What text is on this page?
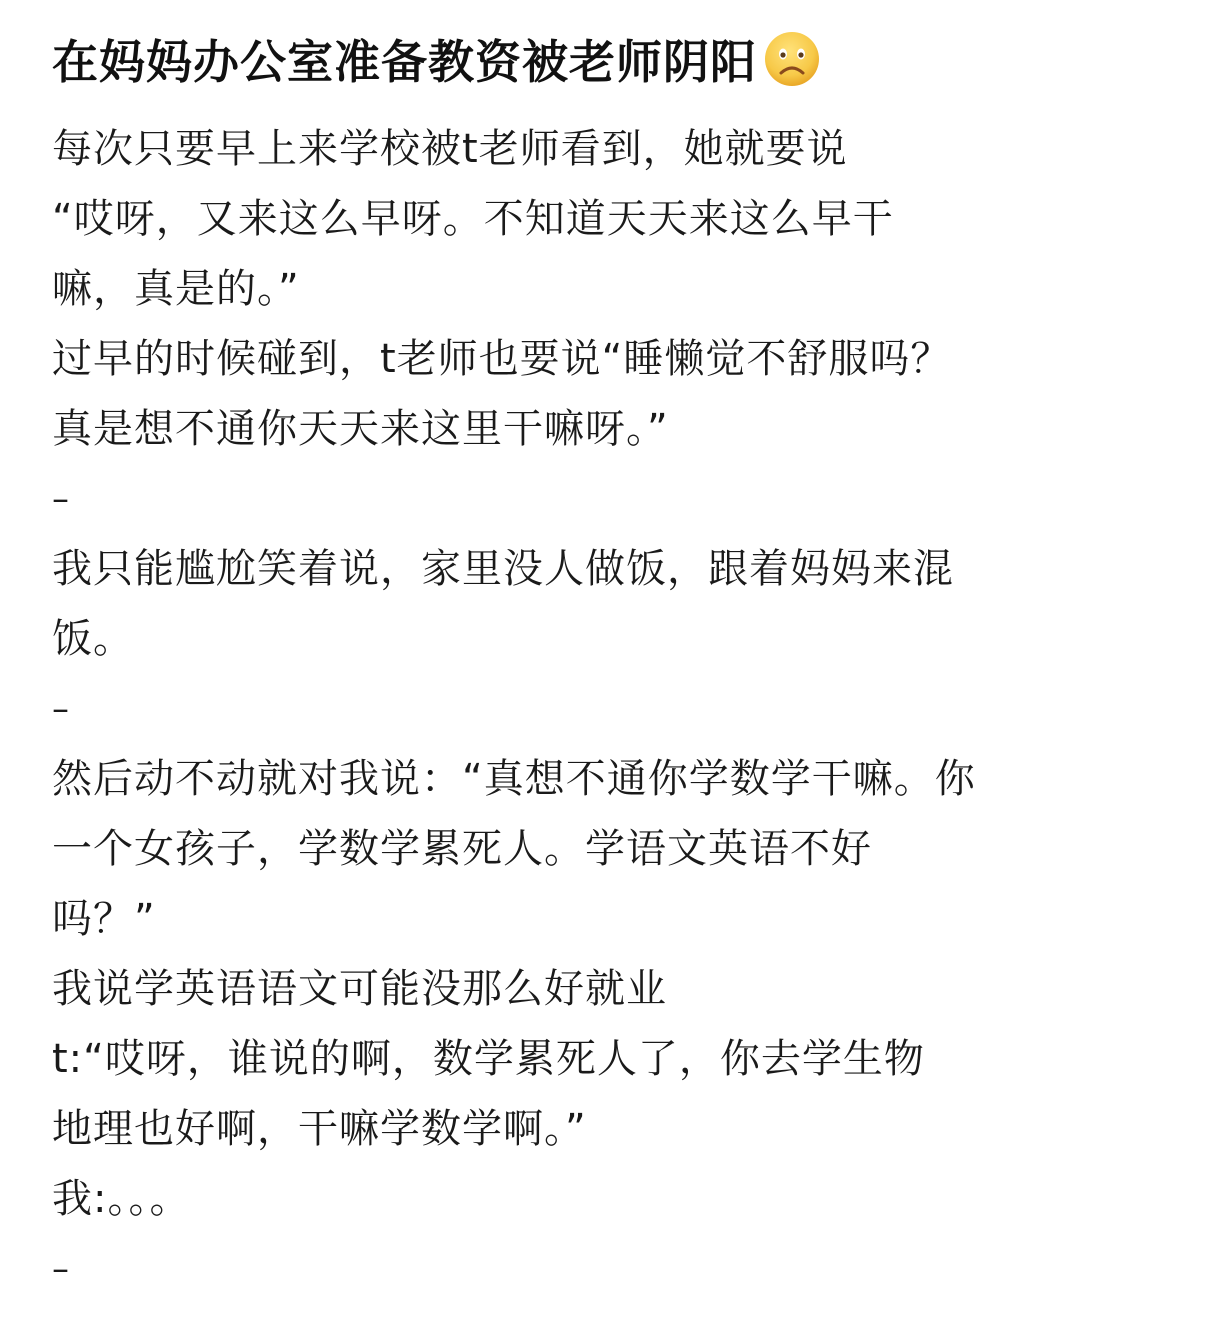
在妈妈办公室准备教资被老师阴阳
每次只要早上来学校被t老师看到，她就要说
“哎呀，又来这么早呀。不知道天天来这么早干
嘛，真是的。”
过早的时候碰到，t老师也要说“睡懒觉不舒服吗？
真是想不通你天天来这里干嘛呀。”
–
我只能尴尬笑着说，家里没人做饭，跟着妈妈来混
饭。
–
然后动不动就对我说：“真想不通你学数学干嘛。你
一个女孩子，学数学累死人。学语文英语不好
吗？”
我说学英语语文可能没那么好就业
t:“哎呀，谁说的啊，数学累死人了，你去学生物
地理也好啊，干嘛学数学啊。”
我:。。。
–
